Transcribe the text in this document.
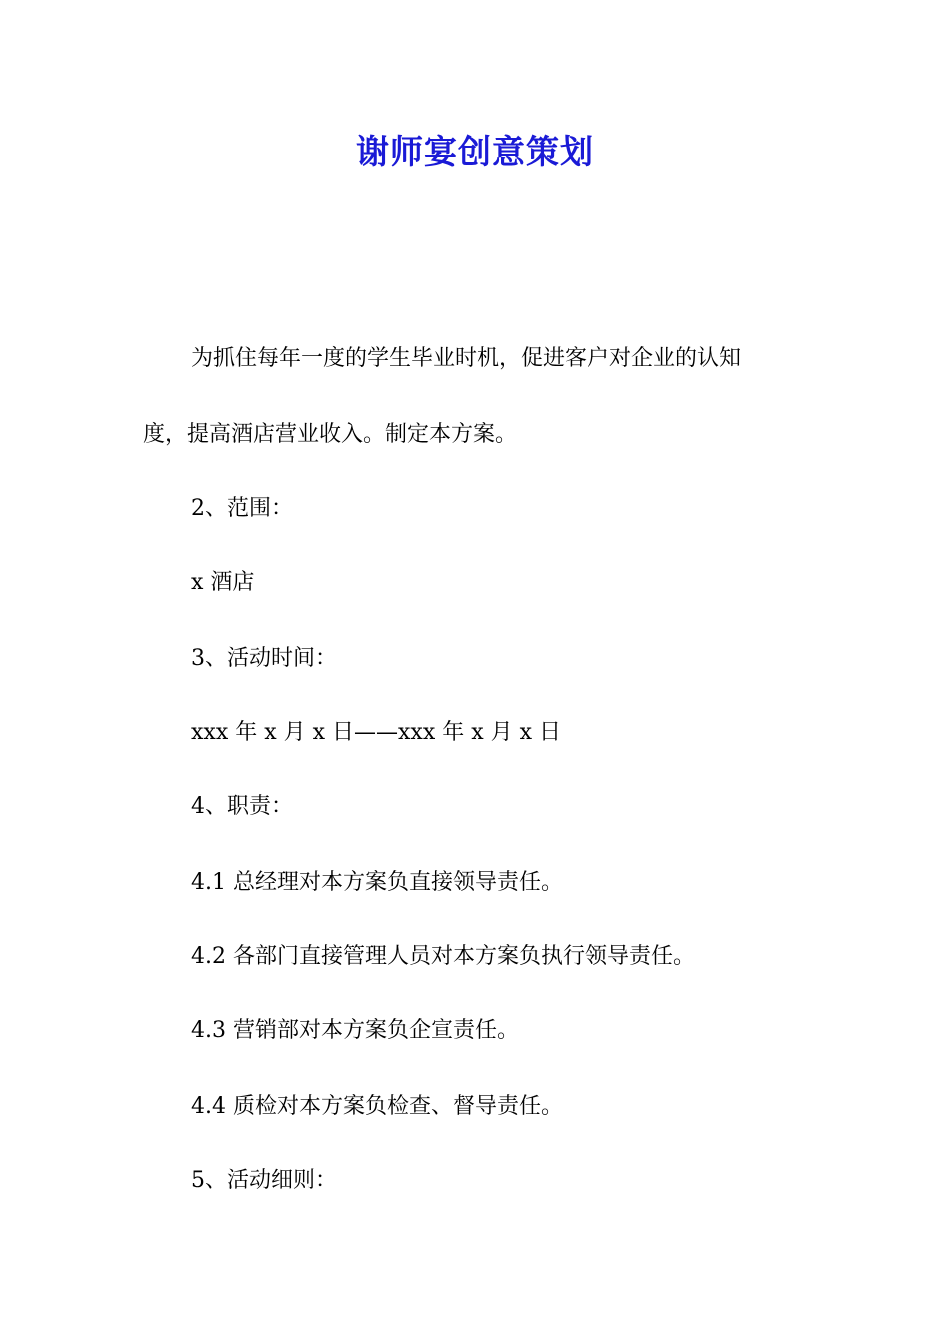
谢师宴创意策划
为抓住每年一度的学生毕业时机，促进客户对企业的认知
度，提高酒店营业收入。制定本方案。
2、范围：
x 酒店
3、活动时间：
xxx 年 x 月 x 日——xxx 年 x 月 x 日
4、职责：
4.1 总经理对本方案负直接领导责任。
4.2 各部门直接管理人员对本方案负执行领导责任。
4.3 营销部对本方案负企宣责任。
4.4 质检对本方案负检查、督导责任。
5、活动细则：
